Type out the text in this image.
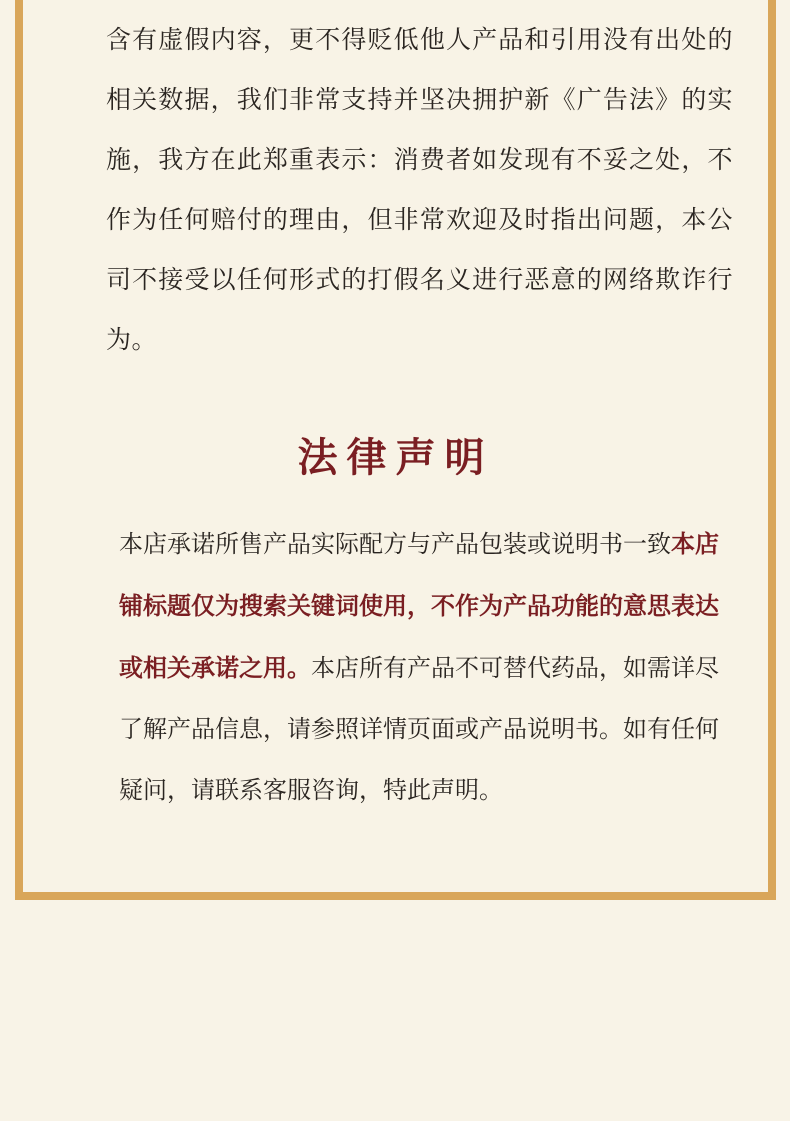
含有虚假内容，更不得贬低他人产品和引用没有出处的相关数据，我们非常支持并坚决拥护新《广告法》的实施，我方在此郑重表示：消费者如发现有不妥之处，不作为任何赔付的理由，但非常欢迎及时指出问题，本公司不接受以任何形式的打假名义进行恶意的网络欺诈行为。

法律声明

本店承诺所售产品实际配方与产品包装或说明书一致本店铺标题仅为搜索关键词使用，不作为产品功能的意思表达或相关承诺之用。本店所有产品不可替代药品，如需详尽了解产品信息，请参照详情页面或产品说明书。如有任何疑问，请联系客服咨询，特此声明。
